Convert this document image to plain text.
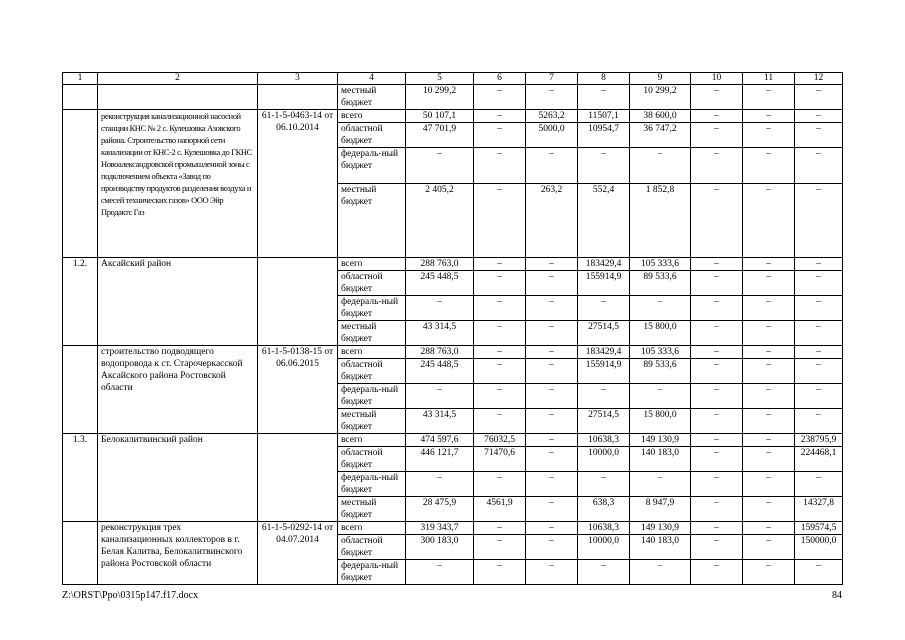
1	2	3	4	5	6	7	8	9	10	11	12
			местный бюджет	10 299,2	–	–	–	10 299,2	–	–	–
	реконструкция канализационной насосной станции КНС № 2 с. Кулешовка Азовского района. Строительство напорной сети канализации от КНС-2 с. Кулешовка до ГКНС Новоалександровской промышленной зоны с подключением объекта «Завод по производству продуктов разделения воздуха и смесей технических газов» ООО Эйр Продактс Газ	61-1-5-0463-14 от 06.10.2014	всего	50 107,1	–	5263,2	11507,1	38 600,0	–	–	–
			областной бюджет	47 701,9	–	5000,0	10954,7	36 747,2	–	–	–
			федераль-ный бюджет	–	–	–	–	–	–	–	–
			местный бюджет	2 405,2	–	263,2	552,4	1 852,8	–	–	–
1.2.	Аксайский район		всего	288 763,0	–	–	183429,4	105 333,6	–	–	–
			областной бюджет	245 448,5	–	–	155914,9	89 533,6	–	–	–
			федераль-ный бюджет	–	–	–	–	–	–	–	–
			местный бюджет	43 314,5	–	–	27514,5	15 800,0	–	–	–
	строительство подводящего водопровода к ст. Старочеркасской Аксайского района Ростовской области	61-1-5-0138-15 от 06.06.2015	всего	288 763,0	–	–	183429,4	105 333,6	–	–	–
			областной бюджет	245 448,5	–	–	155914,9	89 533,6	–	–	–
			федераль-ный бюджет	–	–	–	–	–	–	–	–
			местный бюджет	43 314,5	–	–	27514,5	15 800,0	–	–	–
1.3.	Белокалитвинский район		всего	474 597,6	76032,5	–	10638,3	149 130,9	–	–	238795,9
			областной бюджет	446 121,7	71470,6	–	10000,0	140 183,0	–	–	224468,1
			федераль-ный бюджет	–	–	–	–	–	–	–	–
			местный бюджет	28 475,9	4561,9	–	638,3	8 947,9	–	–	14327,8
	реконструкция трех канализационных коллекторов в г. Белая Калитва, Белокалитвинского района Ростовской области	61-1-5-0292-14 от 04.07.2014	всего	319 343,7	–	–	10638,3	149 130,9	–	–	159574,5
			областной бюджет	300 183,0	–	–	10000,0	140 183,0	–	–	150000,0
			федераль-ный бюджет	–	–	–	–	–	–	–	–
Z:\ORST\Ppo\0315p147.f17.docx	84
